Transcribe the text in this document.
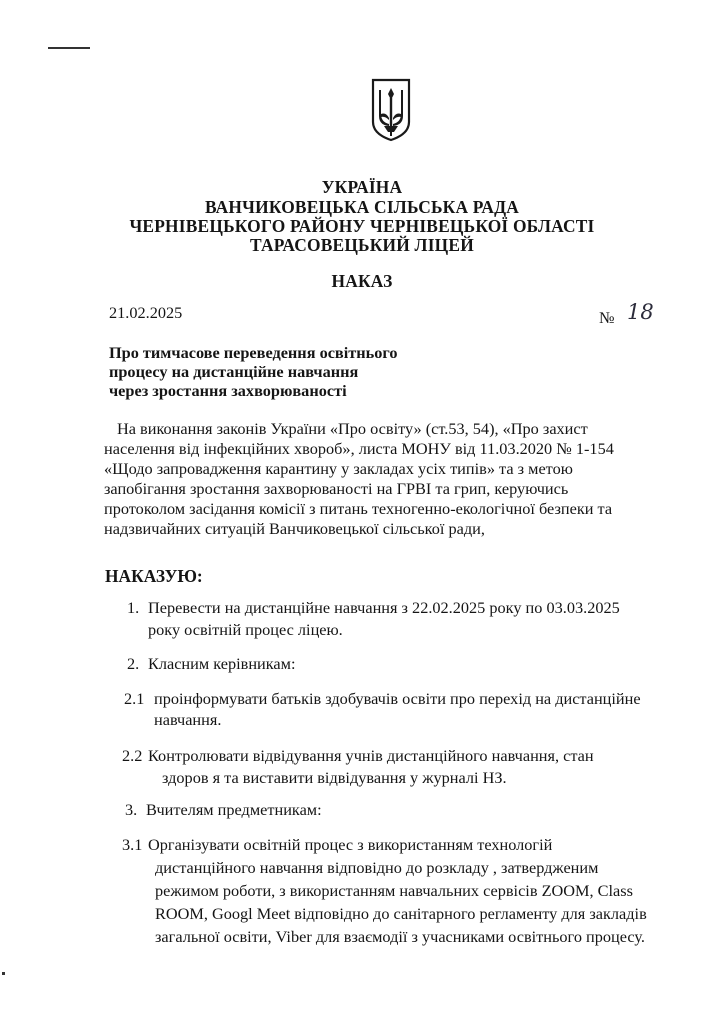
УКРАЇНА
ВАНЧИКОВЕЦЬКА СІЛЬСЬКА РАДА
ЧЕРНІВЕЦЬКОГО РАЙОНУ ЧЕРНІВЕЦЬКОЇ ОБЛАСТІ
ТАРАСОВЕЦЬКИЙ ЛІЦЕЙ
НАКАЗ
21.02.2025	№ 18
Про тимчасове переведення освітнього
процесу на дистанційне навчання
через зростання захворюваності
На виконання законів України «Про освіту» (ст.53, 54), «Про захист
населення від інфекційних хвороб», листа МОНУ від 11.03.2020 № 1-154
«Щодо запровадження карантину у закладах усіх типів» та з метою
запобігання зростання захворюваності на ГРВІ та грип, керуючись
протоколом засідання комісії з питань техногенно-екологічної безпеки та
надзвичайних ситуацій Ванчиковецької сільської ради,
НАКАЗУЮ:
1. Перевести на дистанційне навчання з 22.02.2025 року по 03.03.2025
року освітній процес ліцею.
2. Класним керівникам:
2.1 проінформувати батьків здобувачів освіти про перехід на дистанційне
навчання.
2.2 Контролювати відвідування учнів дистанційного навчання, стан
здоров я та виставити відвідування у журналі НЗ.
3. Вчителям предметникам:
3.1 Організувати освітній процес з використанням технологій
дистанційного навчання відповідно до розкладу , затвердженим
режимом роботи, з використанням навчальних сервісів ZOOM, Class
ROOM, Googl Meet відповідно до санітарного регламенту для закладів
загальної освіти, Viber для взаємодії з учасниками освітнього процесу.
